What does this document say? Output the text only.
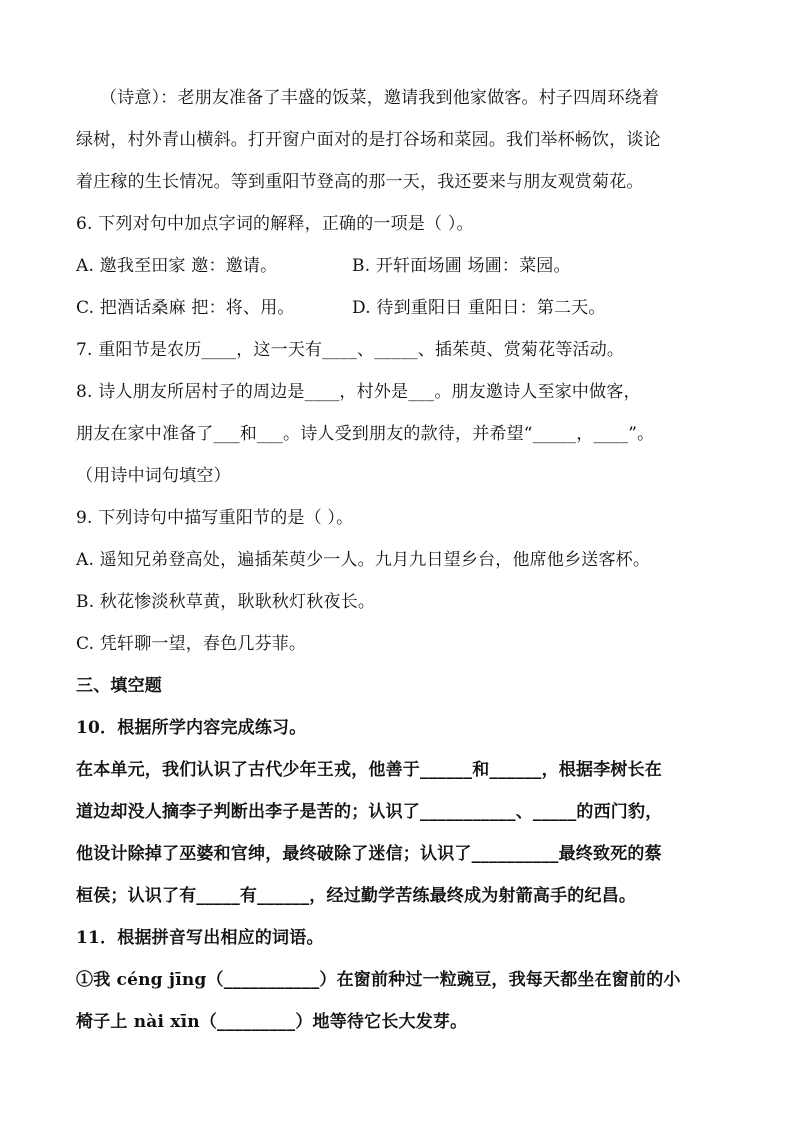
（诗意）：老朋友准备了丰盛的饭菜，邀请我到他家做客。村子四周环绕着
绿树，村外青山横斜。打开窗户面对的是打谷场和菜园。我们举杯畅饮，谈论
着庄稼的生长情况。等到重阳节登高的那一天，我还要来与朋友观赏菊花。
6. 下列对句中加点字词的解释，正确的一项是（ ）。
A. 邀我至田家 邀：邀请。	B. 开轩面场圃 场圃：菜园。
C. 把酒话桑麻 把：将、用。	D. 待到重阳日 重阳日：第二天。
7. 重阳节是农历____，这一天有____、_____、插茱萸、赏菊花等活动。
8. 诗人朋友所居村子的周边是____，村外是___。朋友邀诗人至家中做客，
朋友在家中准备了___和___。诗人受到朋友的款待，并希望“_____，____”。
（用诗中词句填空）
9. 下列诗句中描写重阳节的是（ ）。
A. 遥知兄弟登高处，遍插茱萸少一人。九月九日望乡台，他席他乡送客杯。
B. 秋花惨淡秋草黄，耿耿秋灯秋夜长。
C. 凭轩聊一望，春色几芬菲。
三、填空题
10．根据所学内容完成练习。
在本单元，我们认识了古代少年王戎，他善于______和______，根据李树长在
道边却没人摘李子判断出李子是苦的；认识了___________、_____的西门豹，
他设计除掉了巫婆和官绅，最终破除了迷信；认识了__________最终致死的蔡
桓侯；认识了有_____有______，经过勤学苦练最终成为射箭高手的纪昌。
11．根据拼音写出相应的词语。
①我 céng jīng（___________）在窗前种过一粒豌豆，我每天都坐在窗前的小
椅子上 nài xīn（_________）地等待它长大发芽。
